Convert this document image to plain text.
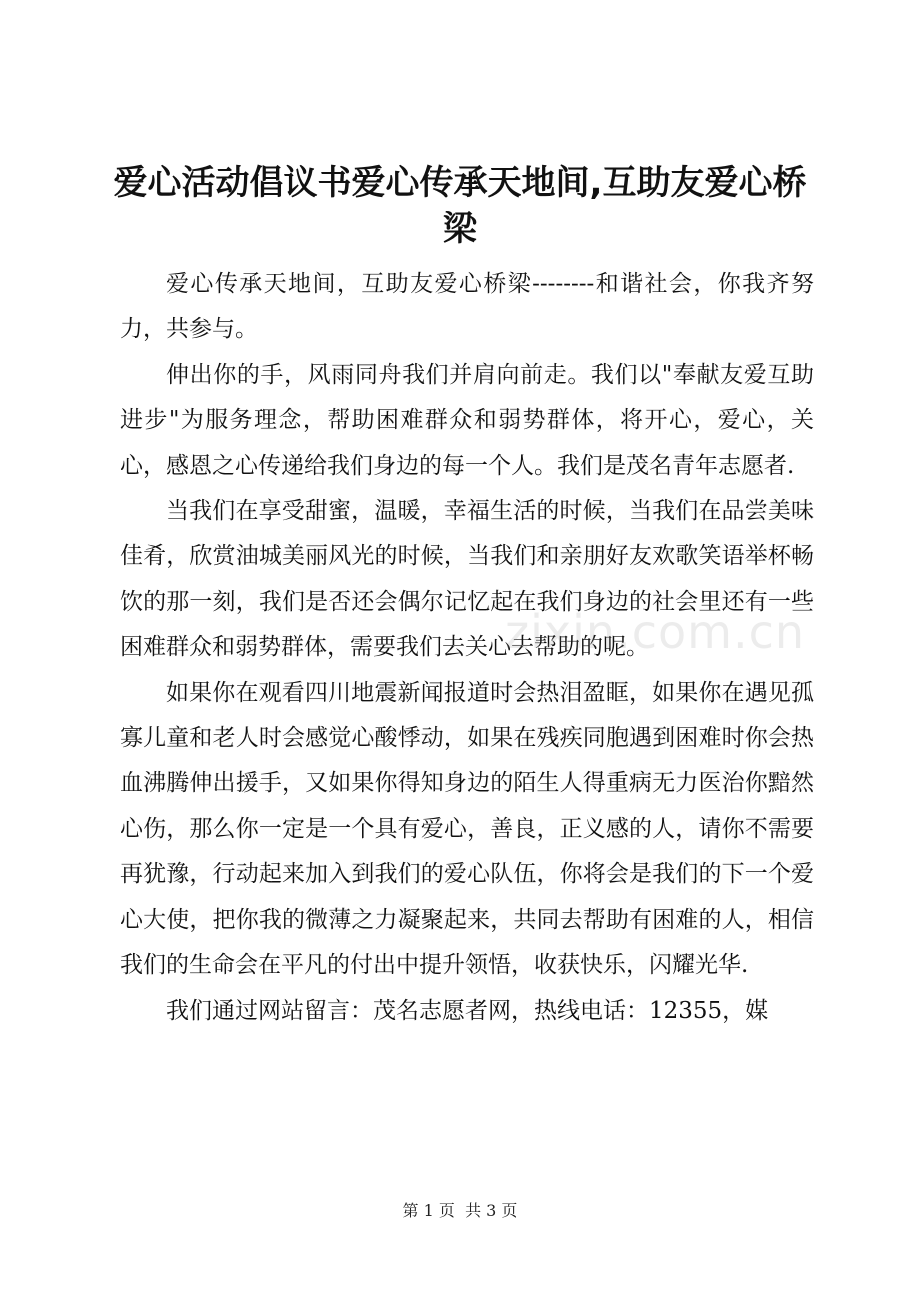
爱心活动倡议书爱心传承天地间,互助友爱心桥梁

爱心传承天地间，互助友爱心桥梁--------和谐社会，你我齐努力，共参与。

伸出你的手，风雨同舟我们并肩向前走。我们以"奉献友爱互助进步"为服务理念，帮助困难群众和弱势群体，将开心，爱心，关心，感恩之心传递给我们身边的每一个人。我们是茂名青年志愿者.

当我们在享受甜蜜，温暖，幸福生活的时候，当我们在品尝美味佳肴，欣赏油城美丽风光的时候，当我们和亲朋好友欢歌笑语举杯畅饮的那一刻，我们是否还会偶尔记忆起在我们身边的社会里还有一些困难群众和弱势群体，需要我们去关心去帮助的呢。

如果你在观看四川地震新闻报道时会热泪盈眶，如果你在遇见孤寡儿童和老人时会感觉心酸悸动，如果在残疾同胞遇到困难时你会热血沸腾伸出援手，又如果你得知身边的陌生人得重病无力医治你黯然心伤，那么你一定是一个具有爱心，善良，正义感的人，请你不需要再犹豫，行动起来加入到我们的爱心队伍，你将会是我们的下一个爱心大使，把你我的微薄之力凝聚起来，共同去帮助有困难的人，相信我们的生命会在平凡的付出中提升领悟，收获快乐，闪耀光华.

我们通过网站留言：茂名志愿者网，热线电话：12355，媒

zixin.com.cn
第 1 页 共 3 页
